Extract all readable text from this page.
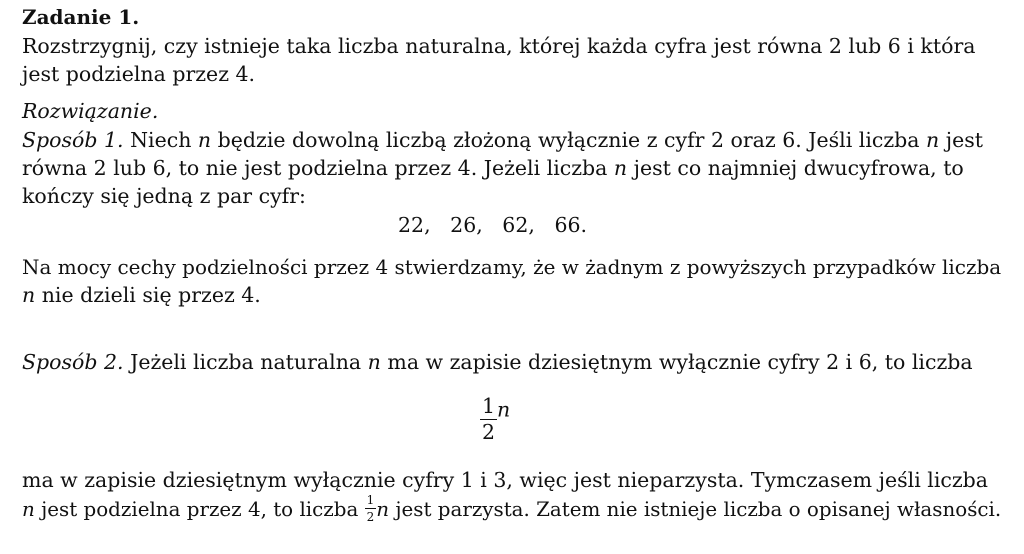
Zadanie 1.
Rozstrzygnij, czy istnieje taka liczba naturalna, której każda cyfra jest równa 2 lub 6 i która
jest podzielna przez 4.
Rozwiązanie.
Sposób 1. Niech n będzie dowolną liczbą złożoną wyłącznie z cyfr 2 oraz 6. Jeśli liczba n jest
równa 2 lub 6, to nie jest podzielna przez 4. Jeżeli liczba n jest co najmniej dwucyfrowa, to
kończy się jedną z par cyfr:
22,   26,   62,   66.
Na mocy cechy podzielności przez 4 stwierdzamy, że w żadnym z powyższych przypadków liczba
n nie dzieli się przez 4.
Sposób 2. Jeżeli liczba naturalna n ma w zapisie dziesiętnym wyłącznie cyfry 2 i 6, to liczba
$\frac{1}{2}$ n
ma w zapisie dziesiętnym wyłącznie cyfry 1 i 3, więc jest nieparzysta. Tymczasem jeśli liczba
n jest podzielna przez 4, to liczba $\frac{1}{2}$ n jest parzysta. Zatem nie istnieje liczba o opisanej własności.
